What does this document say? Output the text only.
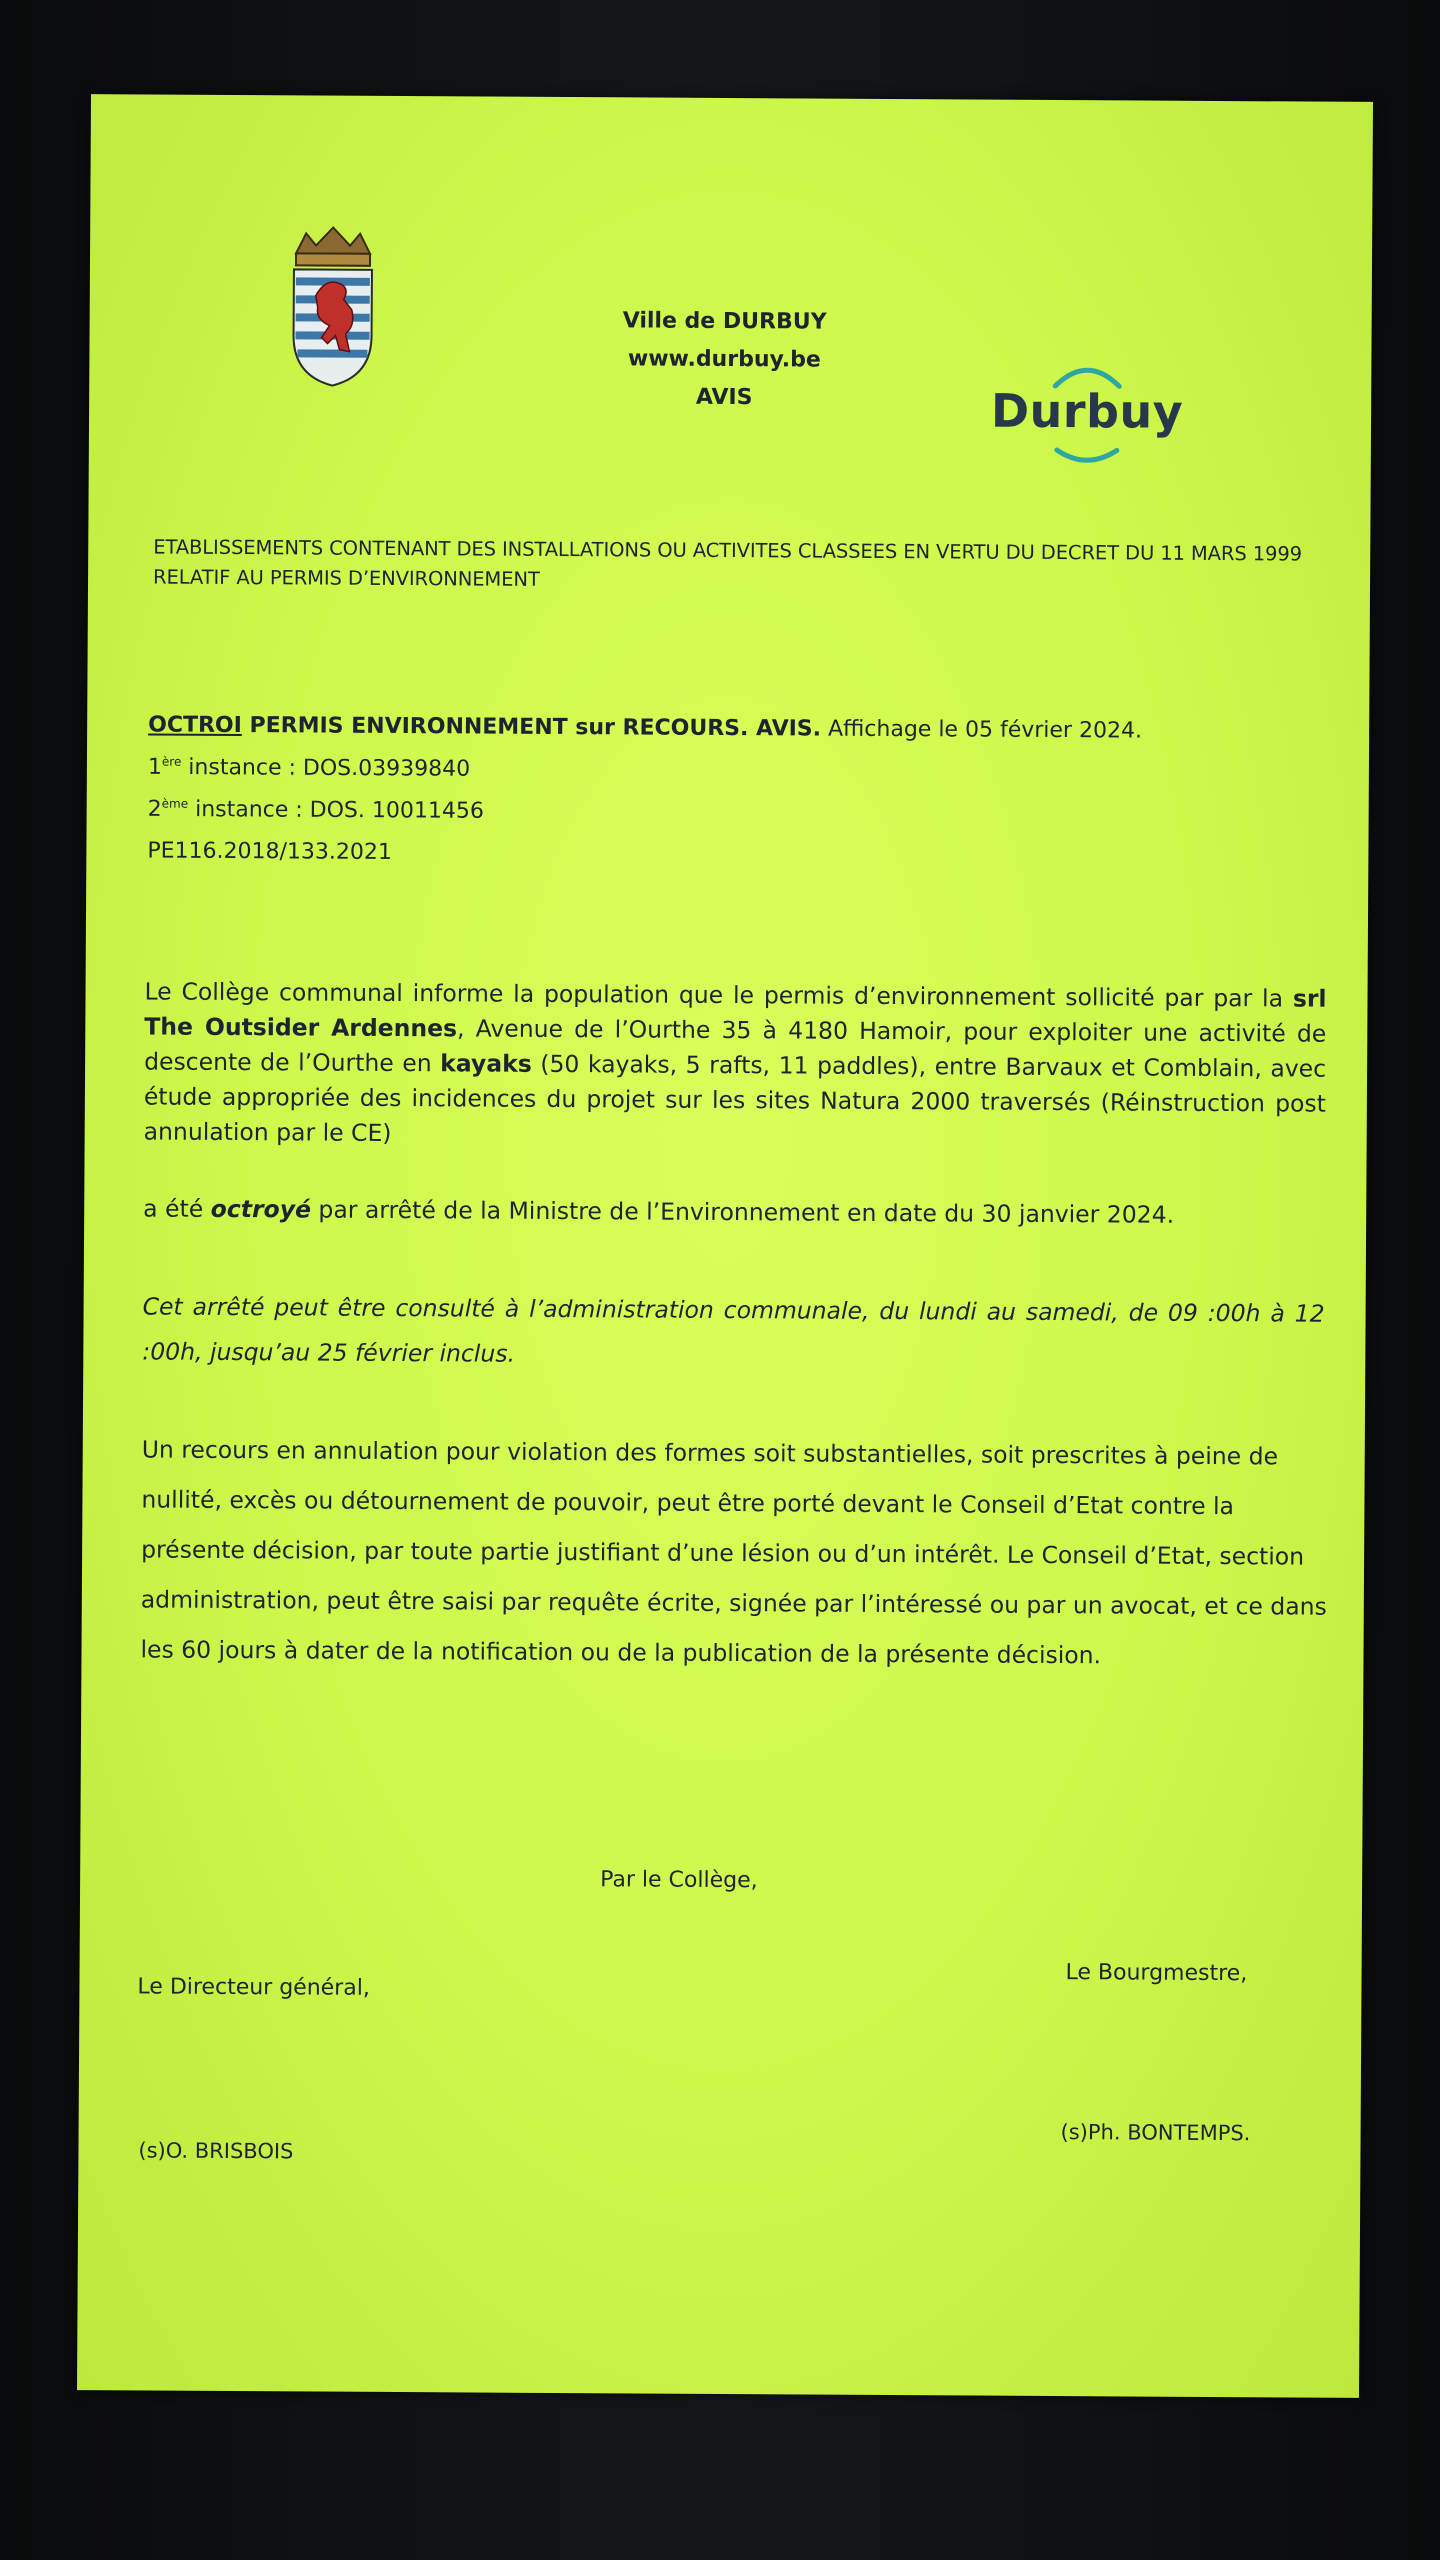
Ville de DURBUY
www.durbuy.be
AVIS	Durbuy
ETABLISSEMENTS CONTENANT DES INSTALLATIONS OU ACTIVITES CLASSEES EN VERTU DU DECRET DU 11 MARS 1999 RELATIF AU PERMIS D’ENVIRONNEMENT
OCTROI PERMIS ENVIRONNEMENT sur RECOURS. AVIS. Affichage le 05 février 2024.
1ère instance : DOS.03939840
2ème instance : DOS. 10011456
PE116.2018/133.2021
Le Collège communal informe la population que le permis d’environnement sollicité par par la srl The Outsider Ardennes, Avenue de l’Ourthe 35 à 4180 Hamoir, pour exploiter une activité de descente de l’Ourthe en kayaks (50 kayaks, 5 rafts, 11 paddles), entre Barvaux et Comblain, avec étude appropriée des incidences du projet sur les sites Natura 2000 traversés (Réinstruction post annulation par le CE)
a été octroyé par arrêté de la Ministre de l’Environnement en date du 30 janvier 2024.
Cet arrêté peut être consulté à l’administration communale, du lundi au samedi, de 09 :00h à 12 :00h, jusqu’au 25 février inclus.
Un recours en annulation pour violation des formes soit substantielles, soit prescrites à peine de nullité, excès ou détournement de pouvoir, peut être porté devant le Conseil d’Etat contre la présente décision, par toute partie justifiant d’une lésion ou d’un intérêt. Le Conseil d’Etat, section administration, peut être saisi par requête écrite, signée par l’intéressé ou par un avocat, et ce dans les 60 jours à dater de la notification ou de la publication de la présente décision.
Par le Collège,
Le Directeur général,
Le Bourgmestre,
(s)O. BRISBOIS
(s)Ph. BONTEMPS.
